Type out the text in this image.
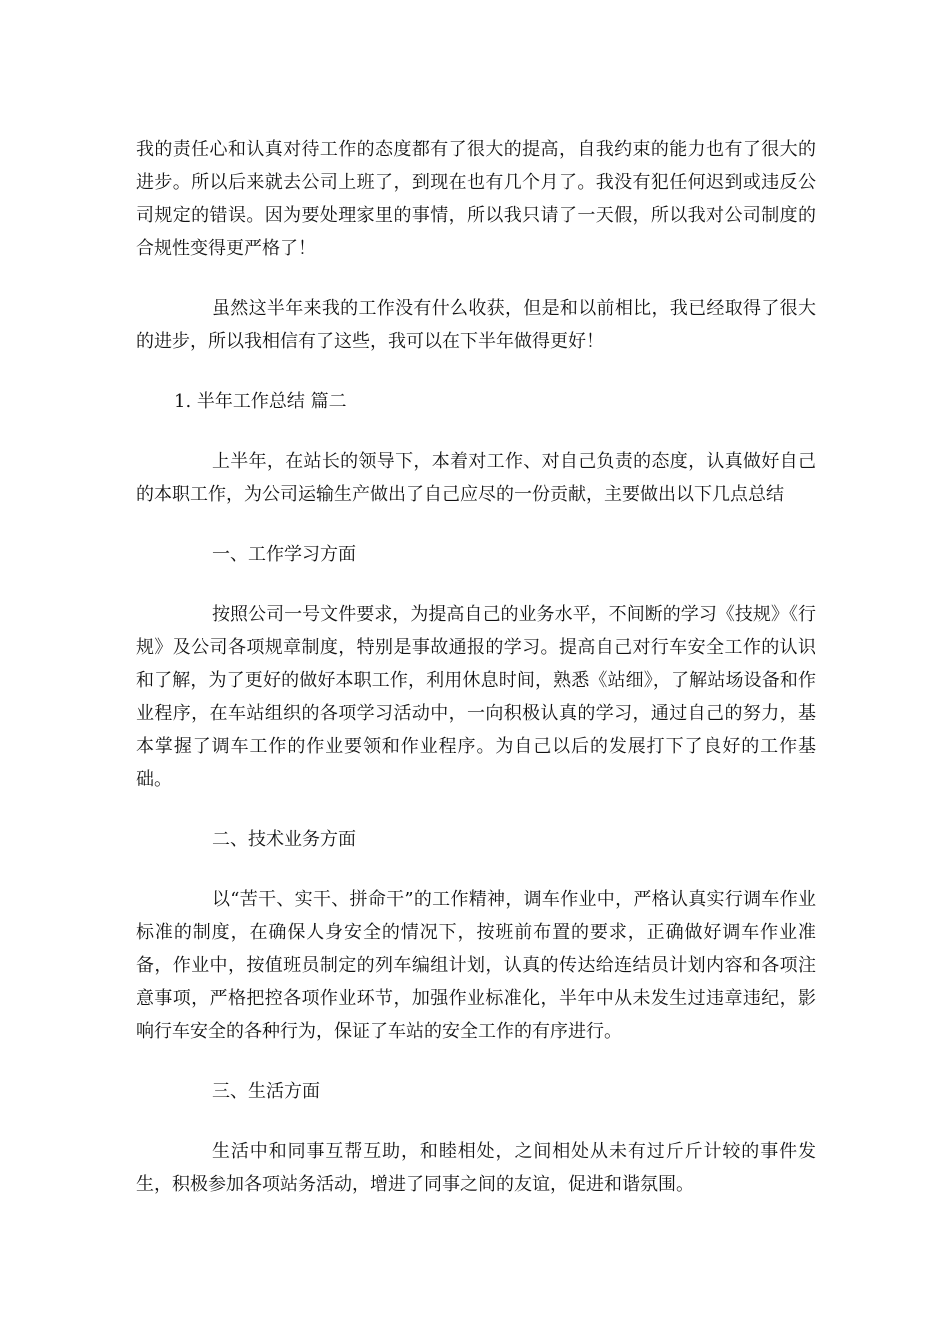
我的责任心和认真对待工作的态度都有了很大的提高，自我约束的能力也有了很大的进步。所以后来就去公司上班了，到现在也有几个月了。我没有犯任何迟到或违反公司规定的错误。因为要处理家里的事情，所以我只请了一天假，所以我对公司制度的合规性变得更严格了！

虽然这半年来我的工作没有什么收获，但是和以前相比，我已经取得了很大的进步，所以我相信有了这些，我可以在下半年做得更好！

1. 半年工作总结 篇二

上半年，在站长的领导下，本着对工作、对自己负责的态度，认真做好自己的本职工作，为公司运输生产做出了自己应尽的一份贡献，主要做出以下几点总结

一、工作学习方面

按照公司一号文件要求，为提高自己的业务水平，不间断的学习《技规》《行规》及公司各项规章制度，特别是事故通报的学习。提高自己对行车安全工作的认识和了解，为了更好的做好本职工作，利用休息时间，熟悉《站细》，了解站场设备和作业程序，在车站组织的各项学习活动中，一向积极认真的学习，通过自己的努力，基本掌握了调车工作的作业要领和作业程序。为自己以后的发展打下了良好的工作基础。

二、技术业务方面

以“苦干、实干、拼命干”的工作精神，调车作业中，严格认真实行调车作业标准的制度，在确保人身安全的情况下，按班前布置的要求，正确做好调车作业准备，作业中，按值班员制定的列车编组计划，认真的传达给连结员计划内容和各项注意事项，严格把控各项作业环节，加强作业标准化，半年中从未发生过违章违纪，影响行车安全的各种行为，保证了车站的安全工作的有序进行。

三、生活方面

生活中和同事互帮互助，和睦相处，之间相处从未有过斤斤计较的事件发生，积极参加各项站务活动，增进了同事之间的友谊，促进和谐氛围。
